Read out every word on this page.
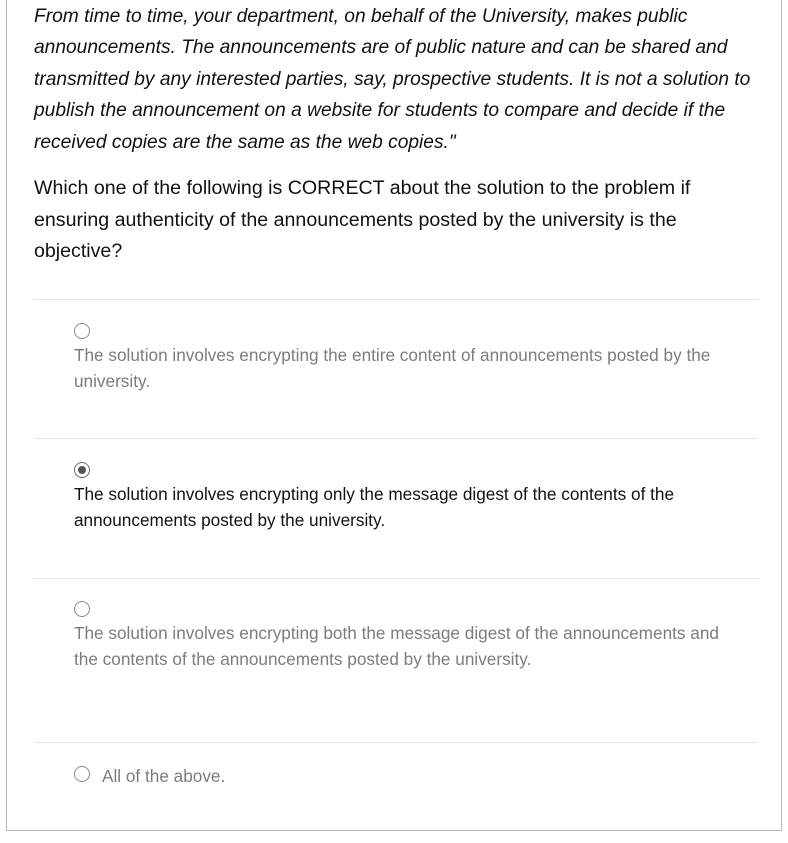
From time to time, your department, on behalf of the University, makes public announcements. The announcements are of public nature and can be shared and transmitted by any interested parties, say, prospective students. It is not a solution to publish the announcement on a website for students to compare and decide if the received copies are the same as the web copies."
Which one of the following is CORRECT about the solution to the problem if ensuring authenticity of the announcements posted by the university is the objective?
The solution involves encrypting the entire content of announcements posted by the university.
The solution involves encrypting only the message digest of the contents of the announcements posted by the university.
The solution involves encrypting both the message digest of the announcements and the contents of the announcements posted by the university.
All of the above.
